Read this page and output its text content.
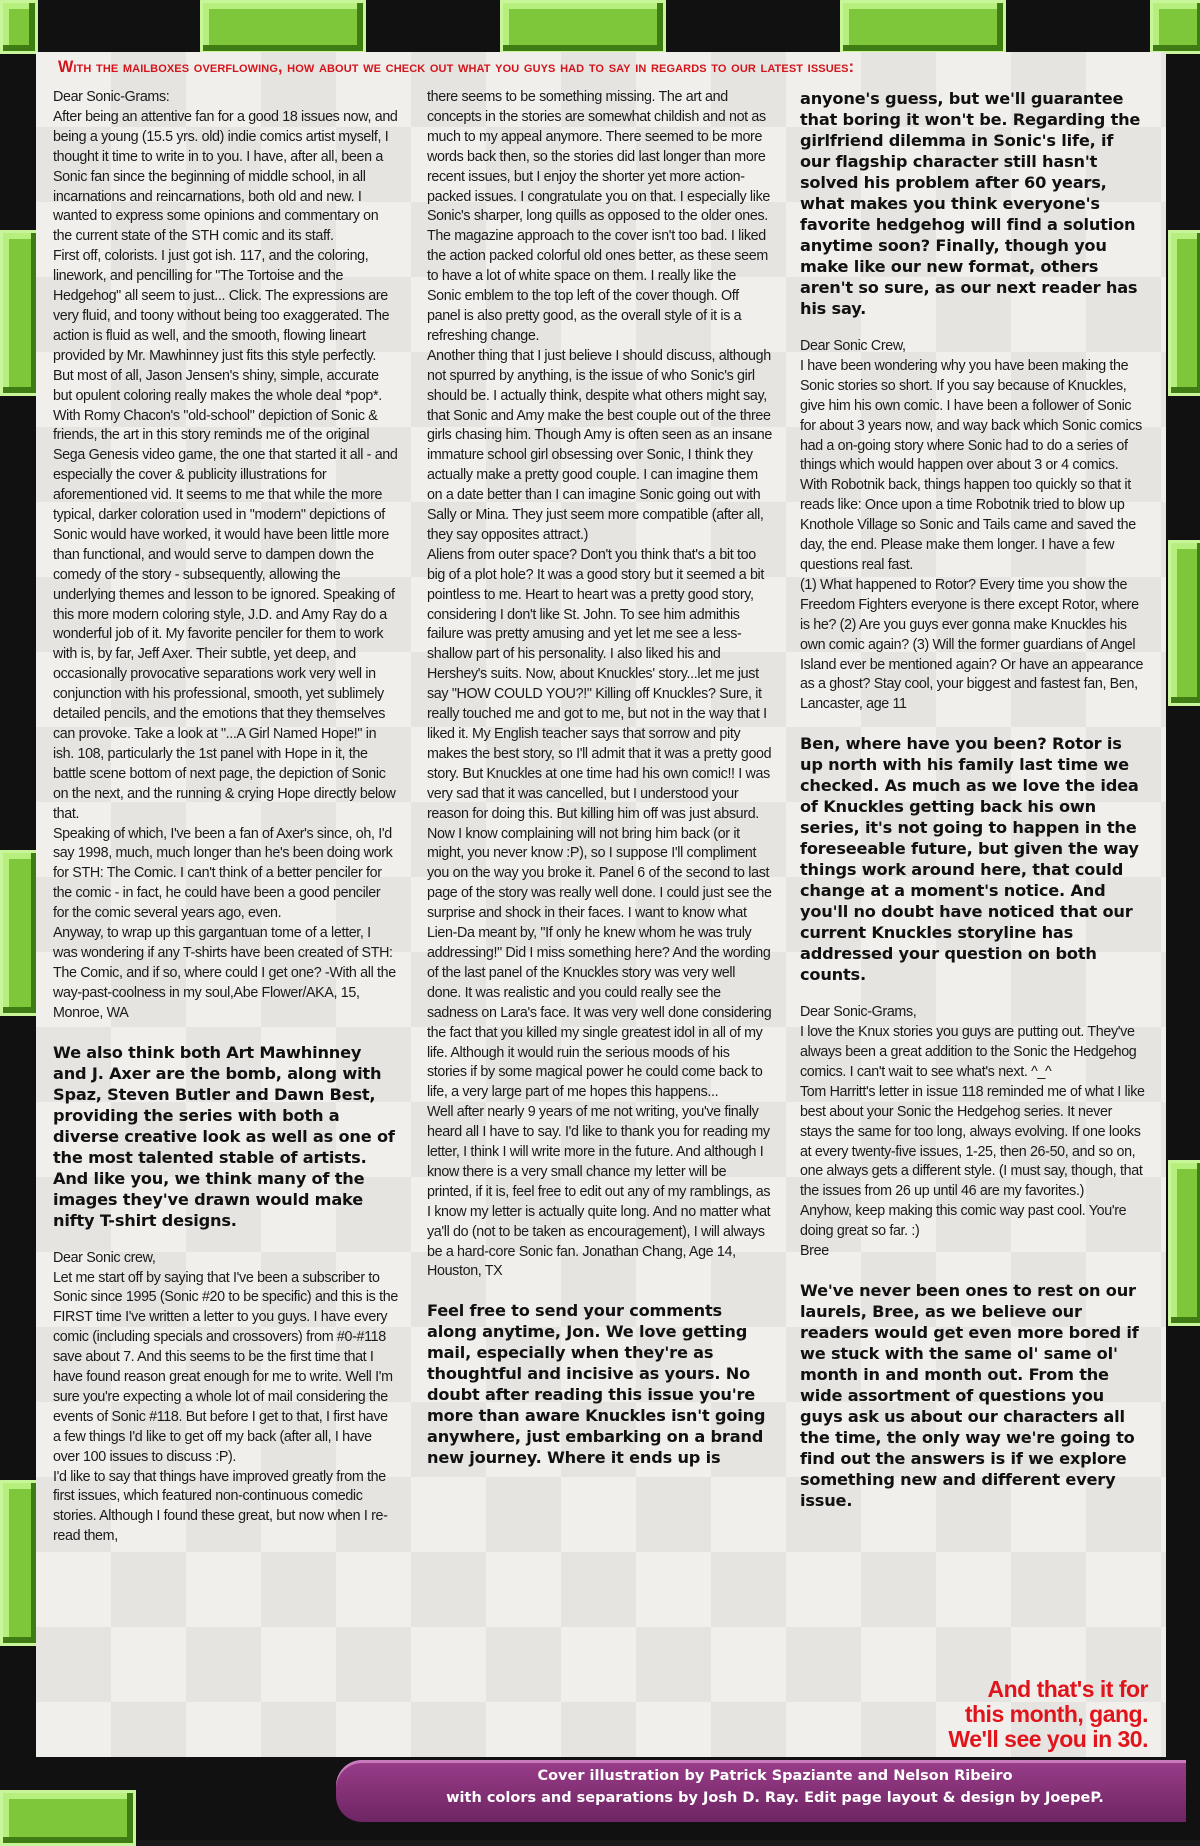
With the mailboxes overflowing, how about we check out what you guys had to say in regards to our latest issues:

Dear Sonic-Grams:

After being an attentive fan for a good 18 issues now, and being a young (15.5 yrs. old) indie comics artist myself, I thought it time to write in to you. I have, after all, been a Sonic fan since the beginning of middle school, in all incarnations and reincarnations, both old and new. I wanted to express some opinions and commentary on the current state of the STH comic and its staff.

First off, colorists. I just got ish. 117, and the coloring, linework, and pencilling for "The Tortoise and the Hedgehog" all seem to just... Click. The expressions are very fluid, and toony without being too exaggerated. The action is fluid as well, and the smooth, flowing lineart provided by Mr. Mawhinney just fits this style perfectly. But most of all, Jason Jensen's shiny, simple, accurate but opulent coloring really makes the whole deal *pop*. With Romy Chacon's "old-school" depiction of Sonic & friends, the art in this story reminds me of the original Sega Genesis video game, the one that started it all - and especially the cover & publicity illustrations for aforementioned vid. It seems to me that while the more typical, darker coloration used in "modern" depictions of Sonic would have worked, it would have been little more than functional, and would serve to dampen down the comedy of the story - subsequently, allowing the underlying themes and lesson to be ignored. Speaking of this more modern coloring style, J.D. and Amy Ray do a wonderful job of it. My favorite penciler for them to work with is, by far, Jeff Axer. Their subtle, yet deep, and occasionally provocative separations work very well in conjunction with his professional, smooth, yet sublimely detailed pencils, and the emotions that they themselves can provoke. Take a look at "...A Girl Named Hope!" in ish. 108, particularly the 1st panel with Hope in it, the battle scene bottom of next page, the depiction of Sonic on the next, and the running & crying Hope directly below that.

Speaking of which, I've been a fan of Axer's since, oh, I'd say 1998, much, much longer than he's been doing work for STH: The Comic. I can't think of a better penciler for the comic - in fact, he could have been a good penciler for the comic several years ago, even.

Anyway, to wrap up this gargantuan tome of a letter, I was wondering if any T-shirts have been created of STH: The Comic, and if so, where could I get one? -With all the way-past-coolness in my soul,Abe Flower/AKA, 15, Monroe, WA

We also think both Art Mawhinney and J. Axer are the bomb, along with Spaz, Steven Butler and Dawn Best, providing the series with both a diverse creative look as well as one of the most talented stable of artists. And like you, we think many of the images they've drawn would make nifty T-shirt designs.

Dear Sonic crew,

Let me start off by saying that I've been a subscriber to Sonic since 1995 (Sonic #20 to be specific) and this is the FIRST time I've written a letter to you guys. I have every comic (including specials and crossovers) from #0-#118 save about 7. And this seems to be the first time that I have found reason great enough for me to write. Well I'm sure you're expecting a whole lot of mail considering the events of Sonic #118. But before I get to that, I first have a few things I'd like to get off my back (after all, I have over 100 issues to discuss :P).

I'd like to say that things have improved greatly from the first issues, which featured non-continuous comedic stories. Although I found these great, but now when I re-read them,

there seems to be something missing. The art and concepts in the stories are somewhat childish and not as much to my appeal anymore. There seemed to be more words back then, so the stories did last longer than more recent issues, but I enjoy the shorter yet more action-packed issues. I congratulate you on that. I especially like Sonic's sharper, long quills as opposed to the older ones. The magazine approach to the cover isn't too bad. I liked the action packed colorful old ones better, as these seem to have a lot of white space on them. I really like the Sonic emblem to the top left of the cover though. Off panel is also pretty good, as the overall style of it is a refreshing change.

Another thing that I just believe I should discuss, although not spurred by anything, is the issue of who Sonic's girl should be. I actually think, despite what others might say, that Sonic and Amy make the best couple out of the three girls chasing him. Though Amy is often seen as an insane immature school girl obsessing over Sonic, I think they actually make a pretty good couple. I can imagine them on a date better than I can imagine Sonic going out with Sally or Mina. They just seem more compatible (after all, they say opposites attract.)

Aliens from outer space? Don't you think that's a bit too big of a plot hole? It was a good story but it seemed a bit pointless to me. Heart to heart was a pretty good story, considering I don't like St. John. To see him admithis failure was pretty amusing and yet let me see a less-shallow part of his personality. I also liked his and Hershey's suits. Now, about Knuckles' story...let me just say "HOW COULD YOU?!" Killing off Knuckles? Sure, it really touched me and got to me, but not in the way that I liked it. My English teacher says that sorrow and pity makes the best story, so I'll admit that it was a pretty good story. But Knuckles at one time had his own comic!! I was very sad that it was cancelled, but I understood your reason for doing this. But killing him off was just absurd. Now I know complaining will not bring him back (or it might, you never know :P), so I suppose I'll compliment you on the way you broke it. Panel 6 of the second to last page of the story was really well done. I could just see the surprise and shock in their faces. I want to know what Lien-Da meant by, "If only he knew whom he was truly addressing!" Did I miss something here? And the wording of the last panel of the Knuckles story was very well done. It was realistic and you could really see the sadness on Lara's face. It was very well done considering the fact that you killed my single greatest idol in all of my life. Although it would ruin the serious moods of his stories if by some magical power he could come back to life, a very large part of me hopes this happens...

Well after nearly 9 years of me not writing, you've finally heard all I have to say. I'd like to thank you for reading my letter, I think I will write more in the future. And although I know there is a very small chance my letter will be printed, if it is, feel free to edit out any of my ramblings, as I know my letter is actually quite long. And no matter what ya'll do (not to be taken as encouragement), I will always be a hard-core Sonic fan. Jonathan Chang, Age 14, Houston, TX

Feel free to send your comments along anytime, Jon. We love getting mail, especially when they're as thoughtful and incisive as yours. No doubt after reading this issue you're more than aware Knuckles isn't going anywhere, just embarking on a brand new journey. Where it ends up is

anyone's guess, but we'll guarantee that boring it won't be. Regarding the girlfriend dilemma in Sonic's life, if our flagship character still hasn't solved his problem after 60 years, what makes you think everyone's favorite hedgehog will find a solution anytime soon? Finally, though you make like our new format, others aren't so sure, as our next reader has his say.

Dear Sonic Crew,

I have been wondering why you have been making the Sonic stories so short. If you say because of Knuckles, give him his own comic. I have been a follower of Sonic for about 3 years now, and way back which Sonic comics had a on-going story where Sonic had to do a series of things which would happen over about 3 or 4 comics. With Robotnik back, things happen too quickly so that it reads like: Once upon a time Robotnik tried to blow up Knothole Village so Sonic and Tails came and saved the day, the end. Please make them longer. I have a few questions real fast.

(1) What happened to Rotor? Every time you show the Freedom Fighters everyone is there except Rotor, where is he? (2) Are you guys ever gonna make Knuckles his own comic again? (3) Will the former guardians of Angel Island ever be mentioned again? Or have an appearance as a ghost? Stay cool, your biggest and fastest fan, Ben, Lancaster, age 11

Ben, where have you been? Rotor is up north with his family last time we checked. As much as we love the idea of Knuckles getting back his own series, it's not going to happen in the foreseeable future, but given the way things work around here, that could change at a moment's notice. And you'll no doubt have noticed that our current Knuckles storyline has addressed your question on both counts.

Dear Sonic-Grams,

I love the Knux stories you guys are putting out. They've always been a great addition to the Sonic the Hedgehog comics. I can't wait to see what's next. ^_^

Tom Harritt's letter in issue 118 reminded me of what I like best about your Sonic the Hedgehog series. It never stays the same for too long, always evolving. If one looks at every twenty-five issues, 1-25, then 26-50, and so on, one always gets a different style. (I must say, though, that the issues from 26 up until 46 are my favorites.)

Anyhow, keep making this comic way past cool. You're doing great so far. :)

Bree

We've never been ones to rest on our laurels, Bree, as we believe our readers would get even more bored if we stuck with the same ol' same ol' month in and month out. From the wide assortment of questions you guys ask us about our characters all the time, the only way we're going to find out the answers is if we explore something new and different every issue.

And that's it for
this month, gang.
We'll see you in 30.
Cover illustration by Patrick Spaziante and Nelson Ribeiro
with colors and separations by Josh D. Ray. Edit page layout & design by JoepeP.
